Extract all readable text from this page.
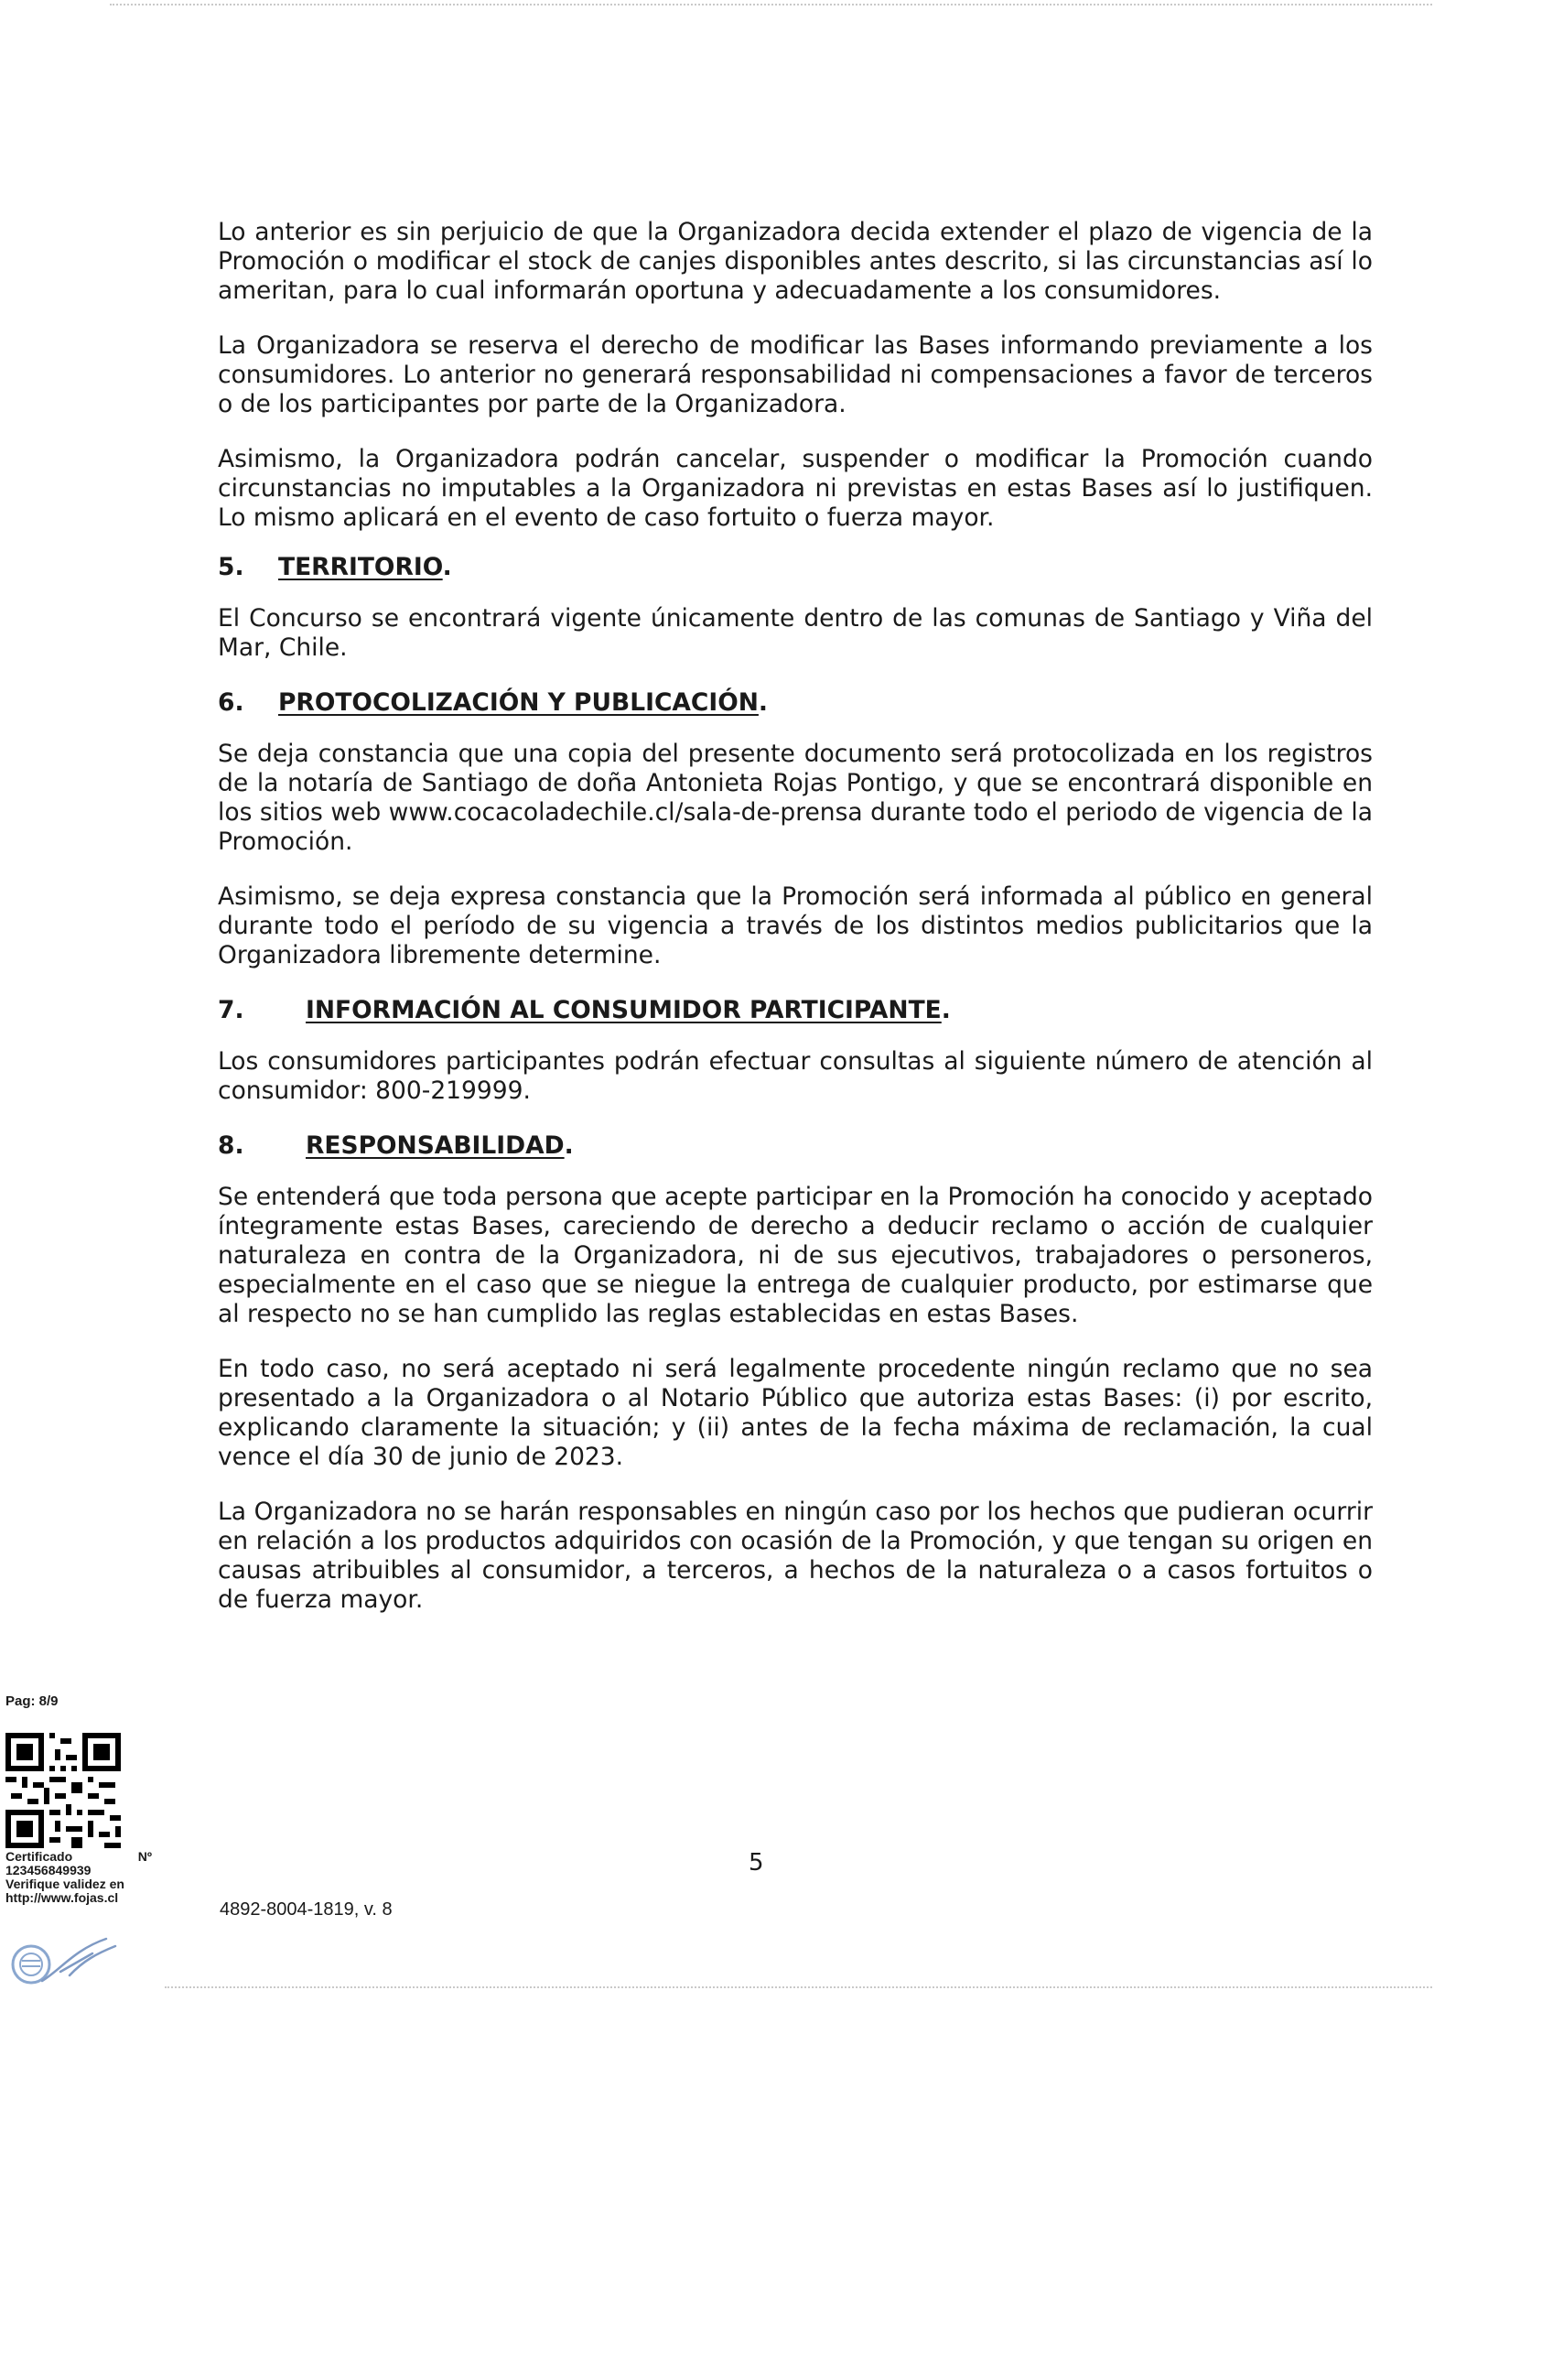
Lo anterior es sin perjuicio de que la Organizadora decida extender el plazo de vigencia de la Promoción o modificar el stock de canjes disponibles antes descrito, si las circunstancias así lo ameritan, para lo cual informarán oportuna y adecuadamente a los consumidores.

La Organizadora se reserva el derecho de modificar las Bases informando previamente a los consumidores. Lo anterior no generará responsabilidad ni compensaciones a favor de terceros o de los participantes por parte de la Organizadora.

Asimismo, la Organizadora podrán cancelar, suspender o modificar la Promoción cuando circunstancias no imputables a la Organizadora ni previstas en estas Bases así lo justifiquen. Lo mismo aplicará en el evento de caso fortuito o fuerza mayor.

5. TERRITORIO.

El Concurso se encontrará vigente únicamente dentro de las comunas de Santiago y Viña del Mar, Chile.

6. PROTOCOLIZACIÓN Y PUBLICACIÓN.

Se deja constancia que una copia del presente documento será protocolizada en los registros de la notaría de Santiago de doña Antonieta Rojas Pontigo, y que se encontrará disponible en los sitios web www.cocacoladechile.cl/sala-de-prensa durante todo el periodo de vigencia de la Promoción.

Asimismo, se deja expresa constancia que la Promoción será informada al público en general durante todo el período de su vigencia a través de los distintos medios publicitarios que la Organizadora libremente determine.

7.	INFORMACIÓN AL CONSUMIDOR PARTICIPANTE.

Los consumidores participantes podrán efectuar consultas al siguiente número de atención al consumidor: 800-219999.

8.	RESPONSABILIDAD.

Se entenderá que toda persona que acepte participar en la Promoción ha conocido y aceptado íntegramente estas Bases, careciendo de derecho a deducir reclamo o acción de cualquier naturaleza en contra de la Organizadora, ni de sus ejecutivos, trabajadores o personeros, especialmente en el caso que se niegue la entrega de cualquier producto, por estimarse que al respecto no se han cumplido las reglas establecidas en estas Bases.

En todo caso, no será aceptado ni será legalmente procedente ningún reclamo que no sea presentado a la Organizadora o al Notario Público que autoriza estas Bases: (i) por escrito, explicando claramente la situación; y (ii) antes de la fecha máxima de reclamación, la cual vence el día 30 de junio de 2023.

La Organizadora no se harán responsables en ningún caso por los hechos que pudieran ocurrir en relación a los productos adquiridos con ocasión de la Promoción, y que tengan su origen en causas atribuibles al consumidor, a terceros, a hechos de la naturaleza o a casos fortuitos o de fuerza mayor.

5
4892-8004-1819, v. 8
Pag: 8/9
Certificado	Nº
123456849939
Verifique validez en
http://www.fojas.cl
